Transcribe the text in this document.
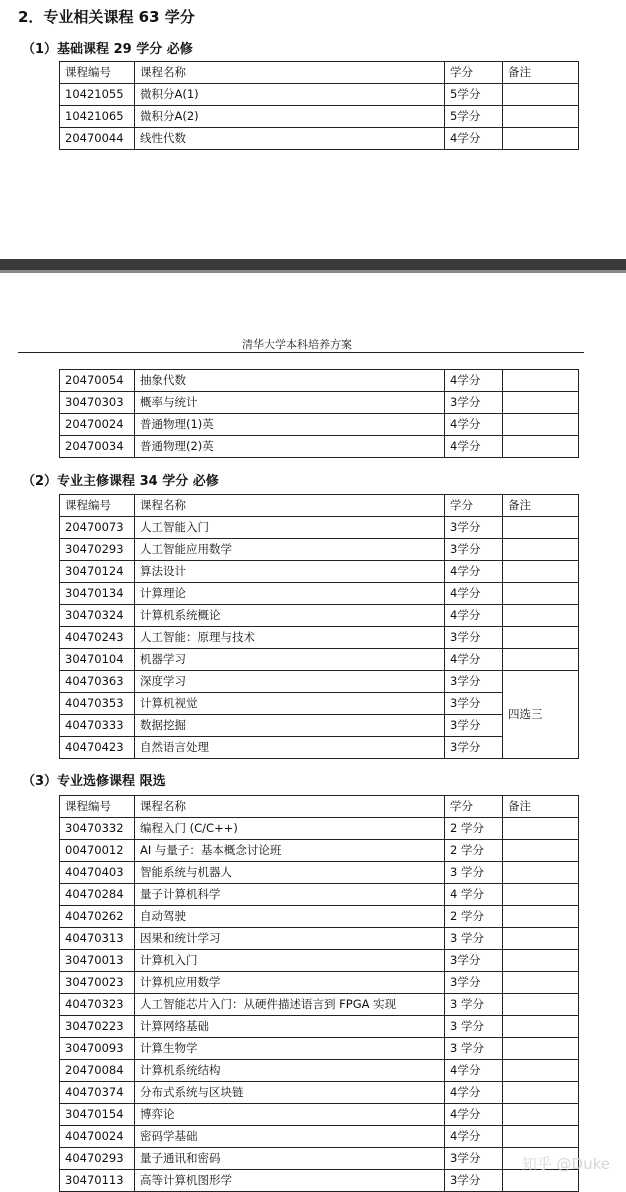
2．专业相关课程 63 学分
（1）基础课程 29 学分 必修
课程编号	课程名称	学分	备注
10421055	微积分A(1)	5学分	
10421065	微积分A(2)	5学分	
20470044	线性代数	4学分	
清华大学本科培养方案
20470054	抽象代数	4学分	
30470303	概率与统计	3学分	
20470024	普通物理(1)英	4学分	
20470034	普通物理(2)英	4学分	
（2）专业主修课程 34 学分 必修
课程编号	课程名称	学分	备注
20470073	人工智能入门	3学分	
30470293	人工智能应用数学	3学分	
30470124	算法设计	4学分	
30470134	计算理论	4学分	
30470324	计算机系统概论	4学分	
40470243	人工智能：原理与技术	3学分	
30470104	机器学习	4学分	
40470363	深度学习	3学分	四选三
40470353	计算机视觉	3学分	
40470333	数据挖掘	3学分	
40470423	自然语言处理	3学分	
（3）专业选修课程 限选
课程编号	课程名称	学分	备注
30470332	编程入门 (C/C++)	2 学分	
00470012	AI 与量子：基本概念讨论班	2 学分	
40470403	智能系统与机器人	3 学分	
40470284	量子计算机科学	4 学分	
40470262	自动驾驶	2 学分	
40470313	因果和统计学习	3 学分	
30470013	计算机入门	3学分	
30470023	计算机应用数学	3学分	
40470323	人工智能芯片入门：从硬件描述语言到 FPGA 实现	3 学分	
30470223	计算网络基础	3 学分	
30470093	计算生物学	3 学分	
20470084	计算机系统结构	4学分	
40470374	分布式系统与区块链	4学分	
30470154	博弈论	4学分	
40470024	密码学基础	4学分	
40470293	量子通讯和密码	3学分	
30470113	高等计算机图形学	3学分	
知乎 @Duke
